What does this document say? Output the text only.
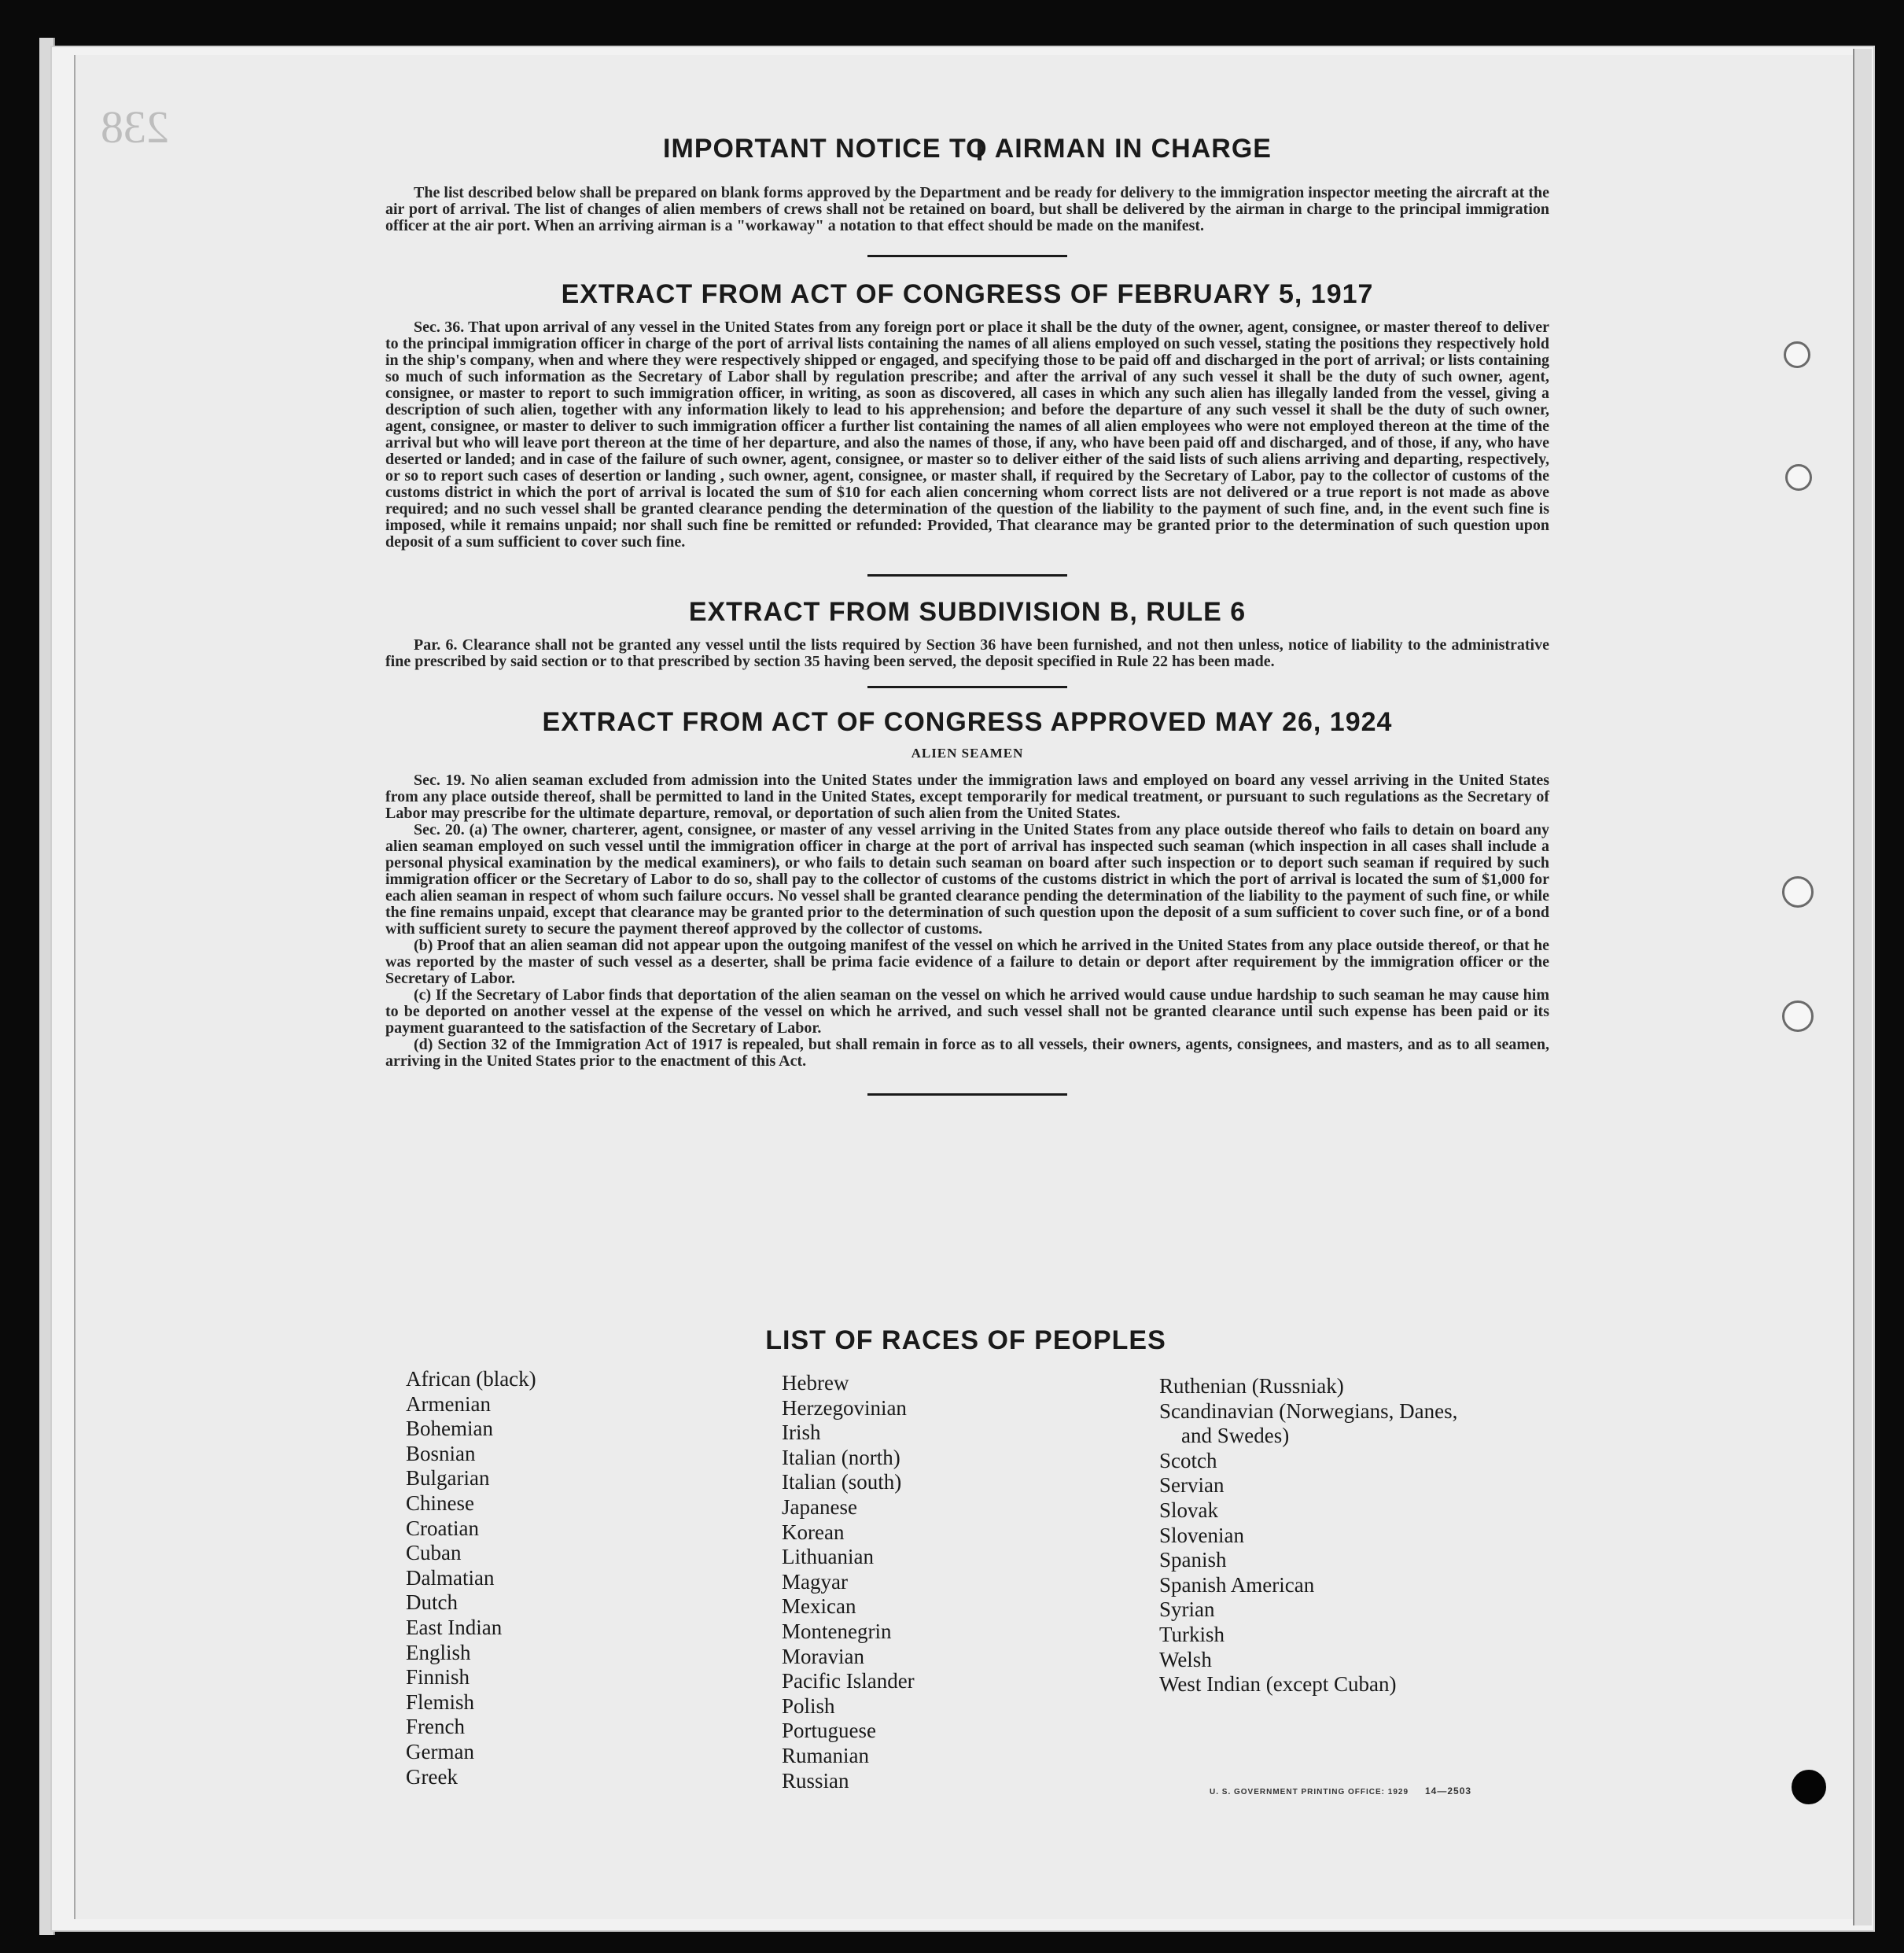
238	IMPORTANT NOTICE TO AIRMAN IN CHARGE

The list described below shall be prepared on blank forms approved by the Department and be ready for delivery to the immigration inspector meeting the aircraft at the air port of arrival. The list of changes of alien members of crews shall not be retained on board, but shall be delivered by the airman in charge to the principal immigration officer at the air port. When an arriving airman is a "workaway" a notation to that effect should be made on the manifest.

EXTRACT FROM ACT OF CONGRESS OF FEBRUARY 5, 1917

Sec. 36. That upon arrival of any vessel in the United States from any foreign port or place it shall be the duty of the owner, agent, consignee, or master thereof to deliver to the principal immigration officer in charge of the port of arrival lists containing the names of all aliens employed on such vessel, stating the positions they respectively hold in the ship's company, when and where they were respectively shipped or engaged, and specifying those to be paid off and discharged in the port of arrival; or lists containing so much of such information as the Secretary of Labor shall by regulation prescribe; and after the arrival of any such vessel it shall be the duty of such owner, agent, consignee, or master to report to such immigration officer, in writing, as soon as discovered, all cases in which any such alien has illegally landed from the vessel, giving a description of such alien, together with any information likely to lead to his apprehension; and before the departure of any such vessel it shall be the duty of such owner, agent, consignee, or master to deliver to such immigration officer a further list containing the names of all alien employees who were not employed thereon at the time of the arrival but who will leave port thereon at the time of her departure, and also the names of those, if any, who have been paid off and discharged, and of those, if any, who have deserted or landed; and in case of the failure of such owner, agent, consignee, or master so to deliver either of the said lists of such aliens arriving and departing, respectively, or so to report such cases of desertion or landing , such owner, agent, consignee, or master shall, if required by the Secretary of Labor, pay to the collector of customs of the customs district in which the port of arrival is located the sum of $10 for each alien concerning whom correct lists are not delivered or a true report is not made as above required; and no such vessel shall be granted clearance pending the determination of the question of the liability to the payment of such fine, and, in the event such fine is imposed, while it remains unpaid; nor shall such fine be remitted or refunded: Provided, That clearance may be granted prior to the determination of such question upon deposit of a sum sufficient to cover such fine.

EXTRACT FROM SUBDIVISION B, RULE 6

Par. 6. Clearance shall not be granted any vessel until the lists required by Section 36 have been furnished, and not then unless, notice of liability to the administrative fine prescribed by said section or to that prescribed by section 35 having been served, the deposit specified in Rule 22 has been made.

EXTRACT FROM ACT OF CONGRESS APPROVED MAY 26, 1924
ALIEN SEAMEN

Sec. 19. No alien seaman excluded from admission into the United States under the immigration laws and employed on board any vessel arriving in the United States from any place outside thereof, shall be permitted to land in the United States, except temporarily for medical treatment, or pursuant to such regulations as the Secretary of Labor may prescribe for the ultimate departure, removal, or deportation of such alien from the United States.

Sec. 20. (a) The owner, charterer, agent, consignee, or master of any vessel arriving in the United States from any place outside thereof who fails to detain on board any alien seaman employed on such vessel until the immigration officer in charge at the port of arrival has inspected such seaman (which inspection in all cases shall include a personal physical examination by the medical examiners), or who fails to detain such seaman on board after such inspection or to deport such seaman if required by such immigration officer or the Secretary of Labor to do so, shall pay to the collector of customs of the customs district in which the port of arrival is located the sum of $1,000 for each alien seaman in respect of whom such failure occurs. No vessel shall be granted clearance pending the determination of the liability to the payment of such fine, or while the fine remains unpaid, except that clearance may be granted prior to the determination of such question upon the deposit of a sum sufficient to cover such fine, or of a bond with sufficient surety to secure the payment thereof approved by the collector of customs.

(b) Proof that an alien seaman did not appear upon the outgoing manifest of the vessel on which he arrived in the United States from any place outside thereof, or that he was reported by the master of such vessel as a deserter, shall be prima facie evidence of a failure to detain or deport after requirement by the immigration officer or the Secretary of Labor.

(c) If the Secretary of Labor finds that deportation of the alien seaman on the vessel on which he arrived would cause undue hardship to such seaman he may cause him to be deported on another vessel at the expense of the vessel on which he arrived, and such vessel shall not be granted clearance until such expense has been paid or its payment guaranteed to the satisfaction of the Secretary of Labor.

(d) Section 32 of the Immigration Act of 1917 is repealed, but shall remain in force as to all vessels, their owners, agents, consignees, and masters, and as to all seamen, arriving in the United States prior to the enactment of this Act.

LIST OF RACES OF PEOPLES
African (black)
Armenian
Bohemian
Bosnian
Bulgarian
Chinese
Croatian
Cuban
Dalmatian
Dutch
East Indian
English
Finnish
Flemish
French
German
Greek
Hebrew
Herzegovinian
Irish
Italian (north)
Italian (south)
Japanese
Korean
Lithuanian
Magyar
Mexican
Montenegrin
Moravian
Pacific Islander
Polish
Portuguese
Rumanian
Russian
Ruthenian (Russniak)
Scandinavian (Norwegians, Danes,
and Swedes)
Scotch
Servian
Slovak
Slovenian
Spanish
Spanish American
Syrian
Turkish
Welsh
West Indian (except Cuban)
U. S. GOVERNMENT PRINTING OFFICE: 1929 14—2503
